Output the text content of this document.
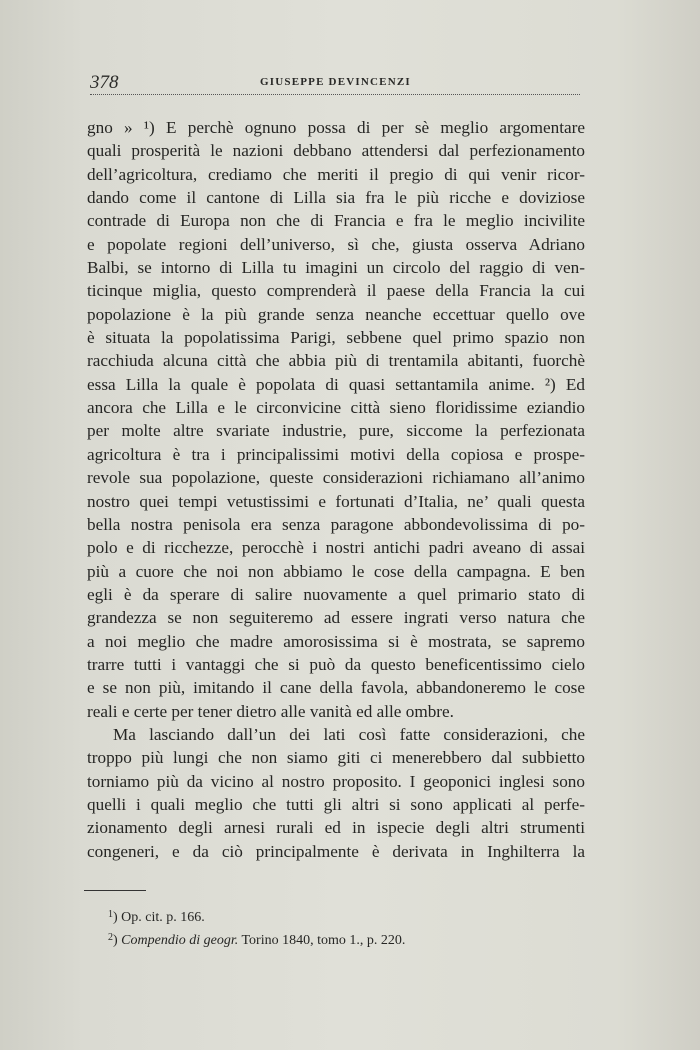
378	GIUSEPPE DEVINCENZI
gno » ¹) E perchè ognuno possa di per sè meglio argomentare
quali prosperità le nazioni debbano attendersi dal perfezionamento
dell’agricoltura, crediamo che meriti il pregio di qui venir ricor-
dando come il cantone di Lilla sia fra le più ricche e doviziose
contrade di Europa non che di Francia e fra le meglio incivilite
e popolate regioni dell’universo, sì che, giusta osserva Adriano
Balbi, se intorno di Lilla tu imagini un circolo del raggio di ven-
ticinque miglia, questo comprenderà il paese della Francia la cui
popolazione è la più grande senza neanche eccettuar quello ove
è situata la popolatissima Parigi, sebbene quel primo spazio non
racchiuda alcuna città che abbia più di trentamila abitanti, fuorchè
essa Lilla la quale è popolata di quasi settantamila anime. ²) Ed
ancora che Lilla e le circonvicine città sieno floridissime eziandio
per molte altre svariate industrie, pure, siccome la perfezionata
agricoltura è tra i principalissimi motivi della copiosa e prospe-
revole sua popolazione, queste considerazioni richiamano all’animo
nostro quei tempi vetustissimi e fortunati d’Italia, ne’ quali questa
bella nostra penisola era senza paragone abbondevolissima di po-
polo e di ricchezze, perocchè i nostri antichi padri aveano di assai
più a cuore che noi non abbiamo le cose della campagna. E ben
egli è da sperare di salire nuovamente a quel primario stato di
grandezza se non seguiteremo ad essere ingrati verso natura che
a noi meglio che madre amorosissima si è mostrata, se sapremo
trarre tutti i vantaggi che si può da questo beneficentissimo cielo
e se non più, imitando il cane della favola, abbandoneremo le cose
reali e certe per tener dietro alle vanità ed alle ombre.
Ma lasciando dall’un dei lati così fatte considerazioni, che
troppo più lungi che non siamo giti ci menerebbero dal subbietto
torniamo più da vicino al nostro proposito. I geoponici inglesi sono
quelli i quali meglio che tutti gli altri si sono applicati al perfe-
zionamento degli arnesi rurali ed in ispecie degli altri strumenti
congeneri, e da ciò principalmente è derivata in Inghilterra la
$^1$) Op. cit. p. 166.
$^2$) Compendio di geogr. Torino 1840, tomo 1., p. 220.
